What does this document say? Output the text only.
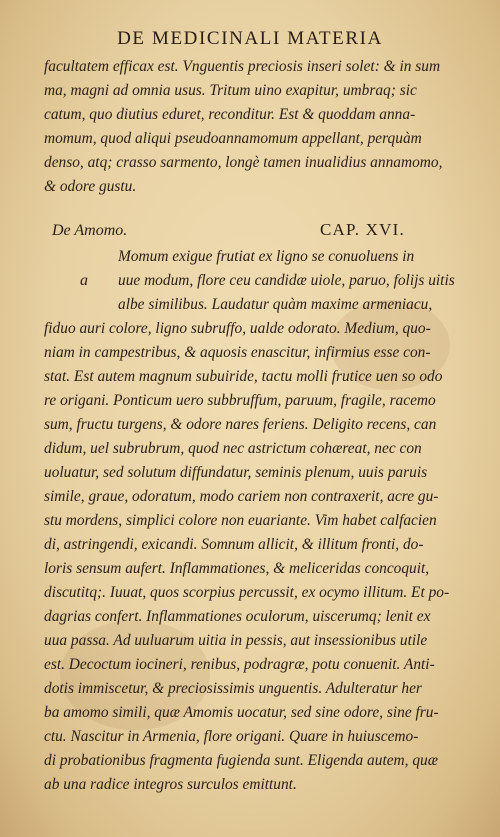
DE MEDICINALI MATERIA
facultatem efficax est. Vnguentis preciosis inseri solet: & in sum
ma, magni ad omnia usus. Tritum uino exapitur, umbraq; sic
catum, quo diutius eduret, reconditur. Est & quoddam anna-
momum, quod aliqui pseudoannamomum appellant, perquàm
denso, atq; crasso sarmento, longè tamen inualidius annamomo,
& odore gustu.
De Amomo.	CAP. XVI.
a
Momum exigue frutiat ex ligno se conuoluens in
uue modum, flore ceu candidæ uiole, paruo, folijs uitis
albe similibus. Laudatur quàm maxime armeniacu,
fiduo auri colore, ligno subruffo, ualde odorato. Medium, quo-
niam in campestribus, & aquosis enascitur, infirmius esse con-
stat. Est autem magnum subuiride, tactu molli frutice uen so odo
re origani. Ponticum uero subbruffum, paruum, fragile, racemo
sum, fructu turgens, & odore nares feriens. Deligito recens, can
didum, uel subrubrum, quod nec astrictum cohæreat, nec con
uoluatur, sed solutum diffundatur, seminis plenum, uuis paruis
simile, graue, odoratum, modo cariem non contraxerit, acre gu-
stu mordens, simplici colore non euariante. Vim habet calfacien
di, astringendi, exicandi. Somnum allicit, & illitum fronti, do-
loris sensum aufert. Inflammationes, & meliceridas concoquit,
discutitq;. Iuuat, quos scorpius percussit, ex ocymo illitum. Et po-
dagrias confert. Inflammationes oculorum, uiscerumq; lenit ex
uua passa. Ad uuluarum uitia in pessis, aut insessionibus utile
est. Decoctum iocineri, renibus, podragræ, potu conuenit. Anti-
dotis immiscetur, & preciosissimis unguentis. Adulteratur her
ba amomo simili, quæ Amomis uocatur, sed sine odore, sine fru-
ctu. Nascitur in Armenia, flore origani. Quare in huiuscemo-
di probationibus fragmenta fugienda sunt. Eligenda autem, quæ
ab una radice integros surculos emittunt.
